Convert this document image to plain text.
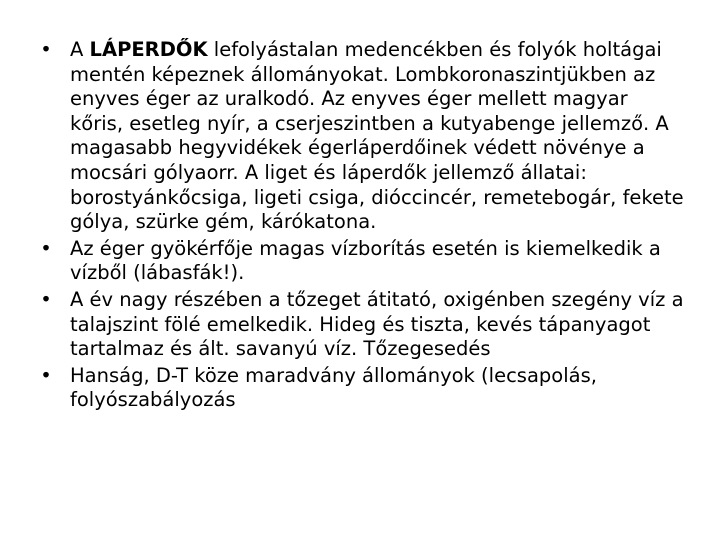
• A LÁPERDŐK lefolyástalan medencékben és folyók holtágai mentén képeznek állományokat. Lombkoronaszintjükben az enyves éger az uralkodó. Az enyves éger mellett magyar kőris, esetleg nyír, a cserjeszintben a kutyabenge jellemző. A magasabb hegyvidékek égerláperdőinek védett növénye a mocsári gólyaorr. A liget és láperdők jellemző állatai: borostyánkőcsiga, ligeti csiga, dióccincér, remetebogár, fekete gólya, szürke gém, kárókatona.
• Az éger gyökérfője magas vízborítás esetén is kiemelkedik a vízből (lábasfák!).
• A év nagy részében a tőzeget átitató, oxigénben szegény víz a talajszint fölé emelkedik. Hideg és tiszta, kevés tápanyagot tartalmaz és ált. savanyú víz. Tőzegesedés
• Hanság, D-T köze maradvány állományok (lecsapolás, folyószabályozás
